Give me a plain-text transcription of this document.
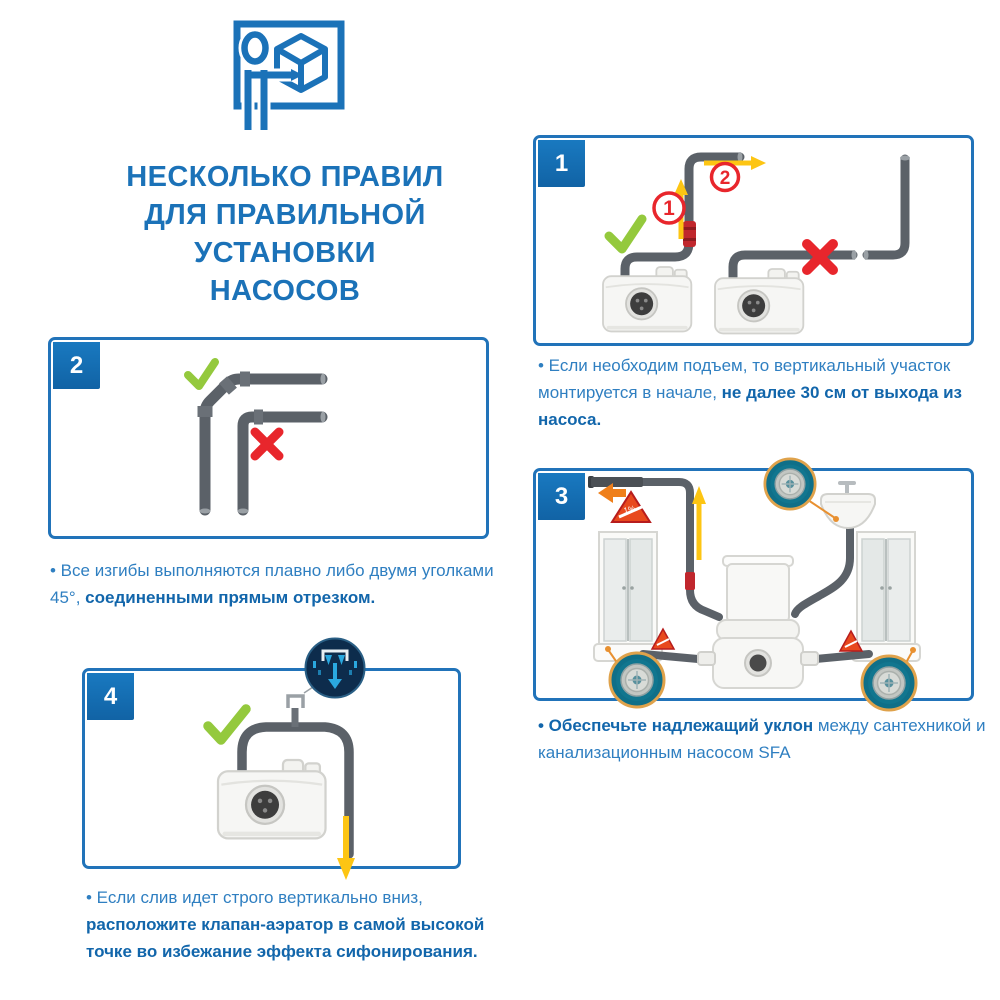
НЕСКОЛЬКО ПРАВИЛ
ДЛЯ ПРАВИЛЬНОЙ
УСТАНОВКИ
НАСОСОВ
1
2
1

• Если необходим подъем, то вертикальный участок монтируется в начале, не далее 30 см от выхода из насоса.

2

• Все изгибы выполняются плавно либо двумя уголками 45°, соединенными прямым отрезком.

1%
3

• Обеспечьте надлежащий уклон между сантехникой и канализационным насосом SFA

4

• Если слив идет строго вертикально вниз, расположите клапан-аэратор в самой высокой точке во избежание эффекта сифонирования.
